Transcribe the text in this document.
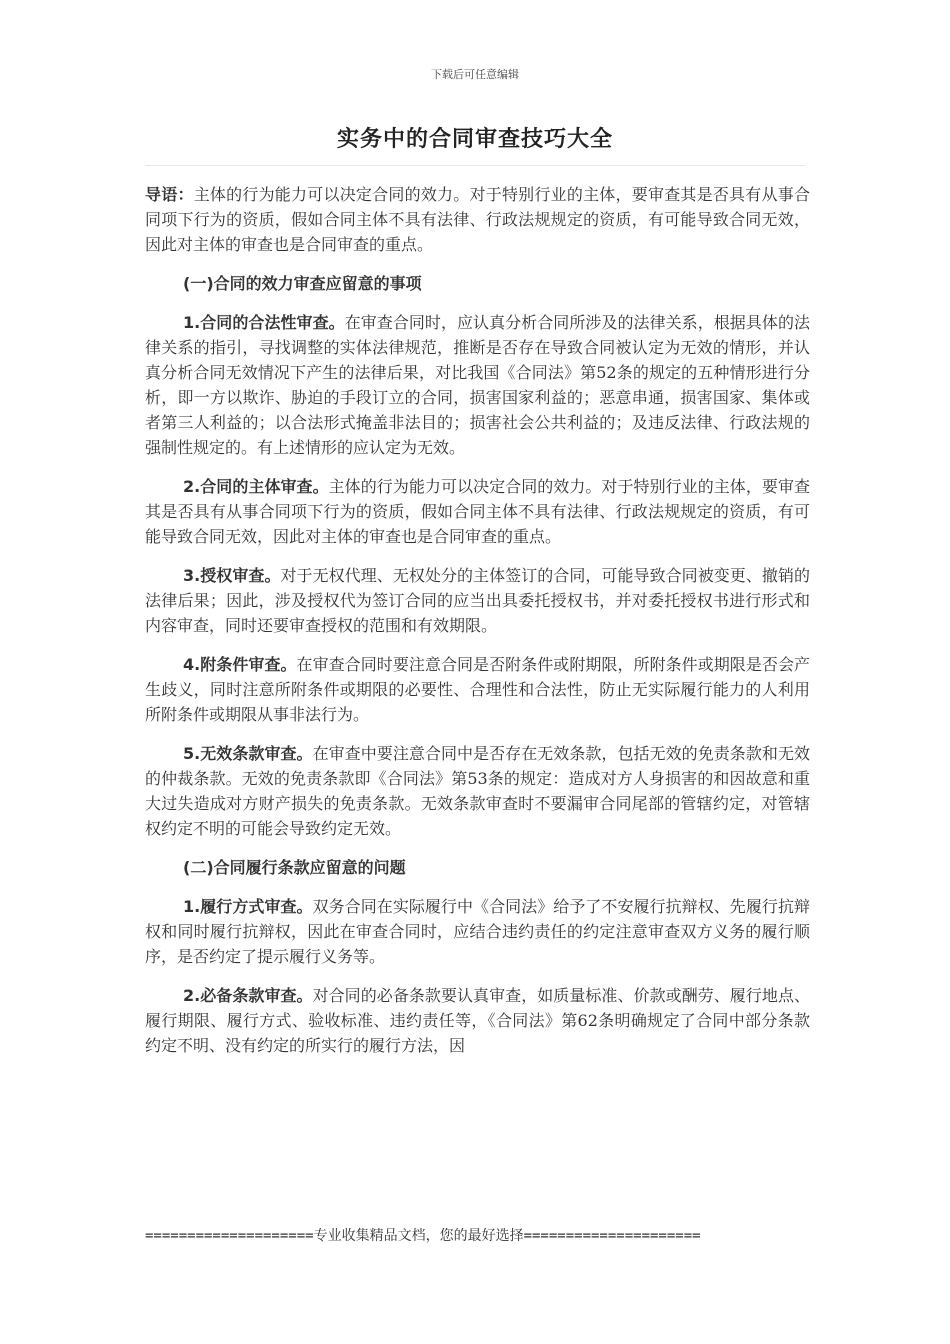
下载后可任意编辑
实务中的合同审查技巧大全

导语：主体的行为能力可以决定合同的效力。对于特别行业的主体，要审查其是否具有从事合同项下行为的资质，假如合同主体不具有法律、行政法规规定的资质，有可能导致合同无效，因此对主体的审查也是合同审查的重点。

(一)合同的效力审查应留意的事项

1.合同的合法性审查。在审查合同时，应认真分析合同所涉及的法律关系，根据具体的法律关系的指引，寻找调整的实体法律规范，推断是否存在导致合同被认定为无效的情形，并认真分析合同无效情况下产生的法律后果，对比我国《合同法》第52条的规定的五种情形进行分析，即一方以欺诈、胁迫的手段订立的合同，损害国家利益的；恶意串通，损害国家、集体或者第三人利益的；以合法形式掩盖非法目的；损害社会公共利益的；及违反法律、行政法规的强制性规定的。有上述情形的应认定为无效。

2.合同的主体审查。主体的行为能力可以决定合同的效力。对于特别行业的主体，要审查其是否具有从事合同项下行为的资质，假如合同主体不具有法律、行政法规规定的资质，有可能导致合同无效，因此对主体的审查也是合同审查的重点。

3.授权审查。对于无权代理、无权处分的主体签订的合同，可能导致合同被变更、撤销的法律后果；因此，涉及授权代为签订合同的应当出具委托授权书，并对委托授权书进行形式和内容审查，同时还要审查授权的范围和有效期限。

4.附条件审查。在审查合同时要注意合同是否附条件或附期限，所附条件或期限是否会产生歧义，同时注意所附条件或期限的必要性、合理性和合法性，防止无实际履行能力的人利用所附条件或期限从事非法行为。

5.无效条款审查。在审查中要注意合同中是否存在无效条款，包括无效的免责条款和无效的仲裁条款。无效的免责条款即《合同法》第53条的规定：造成对方人身损害的和因故意和重大过失造成对方财产损失的免责条款。无效条款审查时不要漏审合同尾部的管辖约定，对管辖权约定不明的可能会导致约定无效。

(二)合同履行条款应留意的问题

1.履行方式审查。双务合同在实际履行中《合同法》给予了不安履行抗辩权、先履行抗辩权和同时履行抗辩权，因此在审查合同时，应结合违约责任的约定注意审查双方义务的履行顺序，是否约定了提示履行义务等。

2.必备条款审查。对合同的必备条款要认真审查，如质量标准、价款或酬劳、履行地点、履行期限、履行方式、验收标准、违约责任等，《合同法》第62条明确规定了合同中部分条款约定不明、没有约定的所实行的履行方法，因

====================专业收集精品文档，您的最好选择=====================
